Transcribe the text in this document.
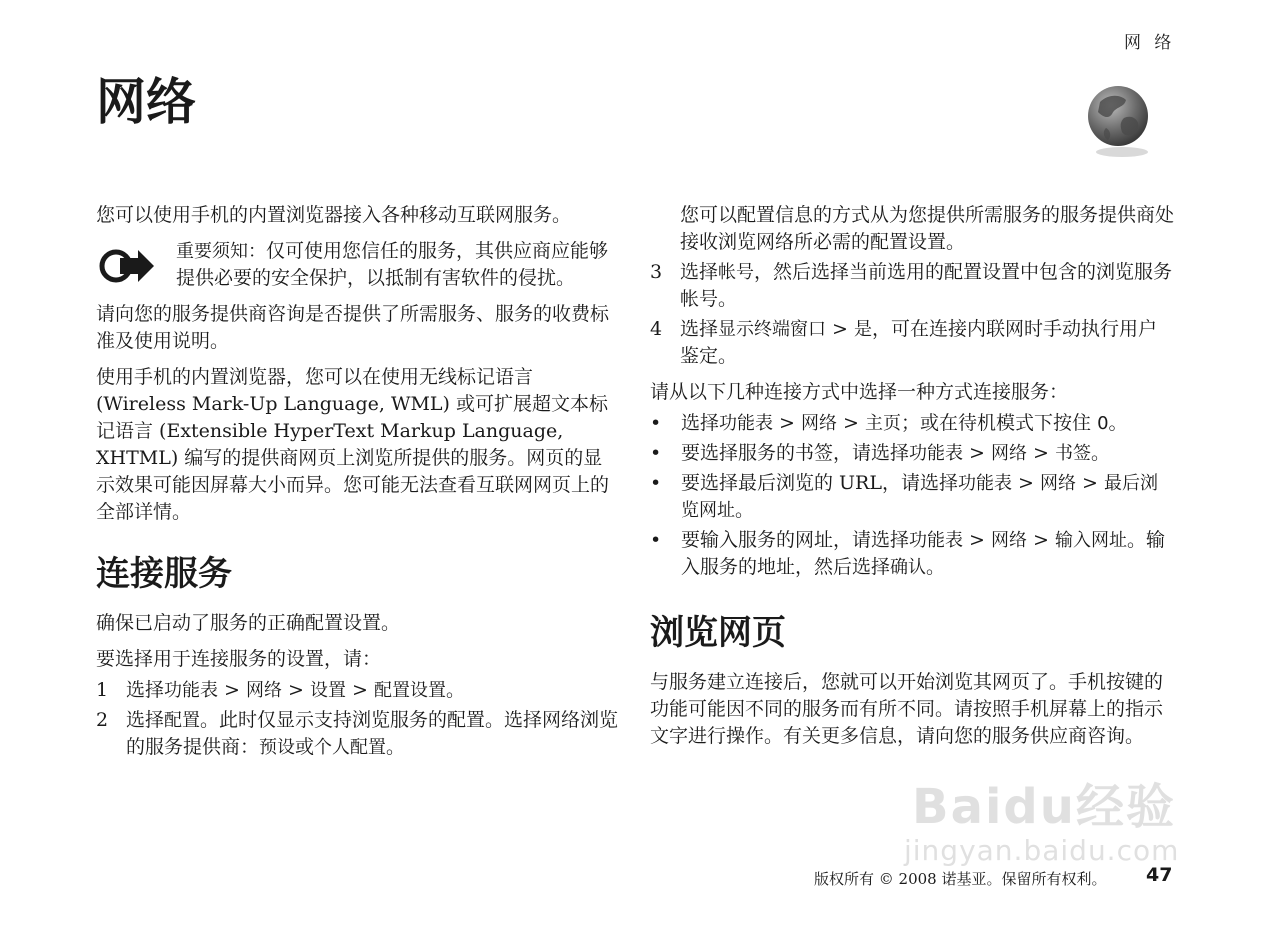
网 络
网络

您可以使用手机的内置浏览器接入各种移动互联网服务。

重要须知：仅可使用您信任的服务，其供应商应能够提供必要的安全保护，以抵制有害软件的侵扰。

请向您的服务提供商咨询是否提供了所需服务、服务的收费标准及使用说明。

使用手机的内置浏览器，您可以在使用无线标记语言 (Wireless Mark-Up Language, WML) 或可扩展超文本标记语言 (Extensible HyperText Markup Language, XHTML) 编写的提供商网页上浏览所提供的服务。网页的显示效果可能因屏幕大小而异。您可能无法查看互联网网页上的全部详情。

连接服务

确保已启动了服务的正确配置设置。

要选择用于连接服务的设置，请：

1 选择功能表 > 网络 > 设置 > 配置设置。
2 选择配置。此时仅显示支持浏览服务的配置。选择网络浏览的服务提供商：预设或个人配置。

您可以配置信息的方式从为您提供所需服务的服务提供商处接收浏览网络所必需的配置设置。

3 选择帐号，然后选择当前选用的配置设置中包含的浏览服务帐号。
4 选择显示终端窗口 > 是，可在连接内联网时手动执行用户鉴定。

请从以下几种连接方式中选择一种方式连接服务：

• 选择功能表 > 网络 > 主页；或在待机模式下按住 0。
• 要选择服务的书签，请选择功能表 > 网络 > 书签。
• 要选择最后浏览的 URL，请选择功能表 > 网络 > 最后浏览网址。
• 要输入服务的网址，请选择功能表 > 网络 > 输入网址。输入服务的地址，然后选择确认。
浏览网页

与服务建立连接后，您就可以开始浏览其网页了。手机按键的功能可能因不同的服务而有所不同。请按照手机屏幕上的指示文字进行操作。有关更多信息，请向您的服务供应商咨询。

Baidu经验
jingyan.baidu.com
版权所有 © 2008 诺基亚。保留所有权利。 47
